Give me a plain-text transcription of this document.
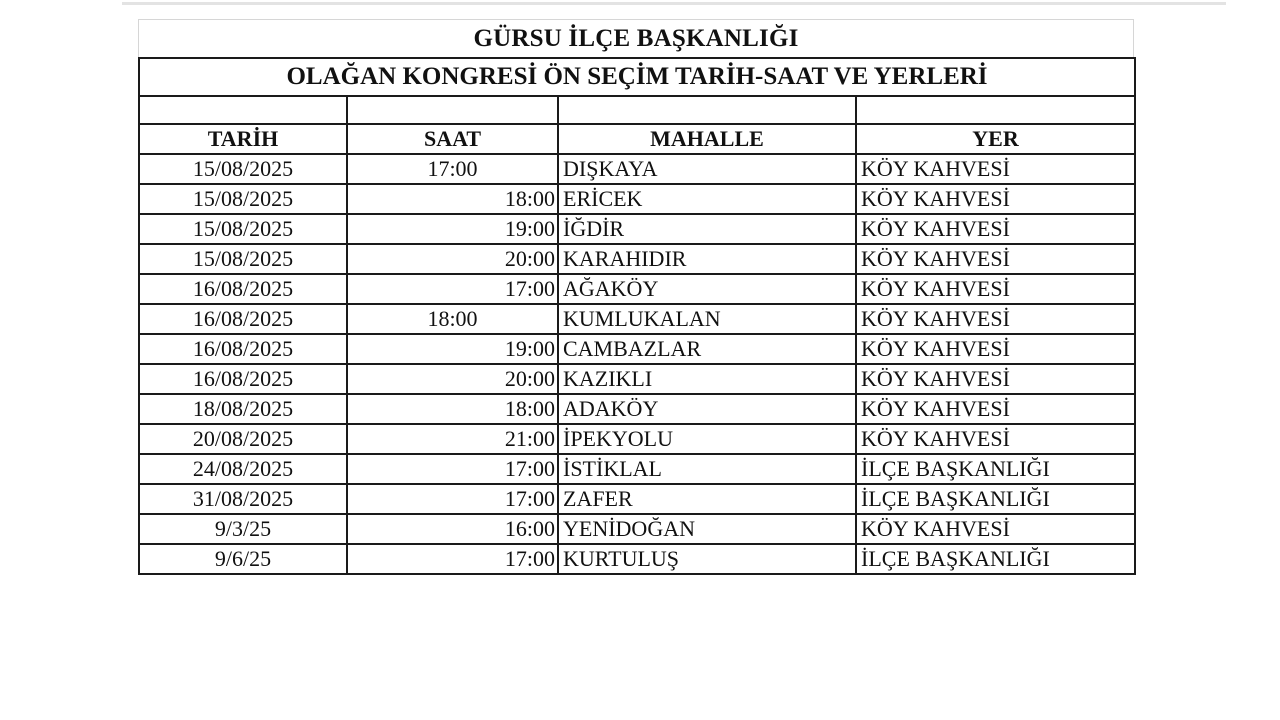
GÜRSU İLÇE BAŞKANLIĞI
OLAĞAN KONGRESİ ÖN SEÇİM TARİH-SAAT VE YERLERİ			

TARİH	SAAT	MAHALLE	YER
15/08/2025	17:00	DIŞKAYA	KÖY KAHVESİ
15/08/2025	18:00	ERİCEK	KÖY KAHVESİ
15/08/2025	19:00	İĞDİR	KÖY KAHVESİ
15/08/2025	20:00	KARAHIDIR	KÖY KAHVESİ
16/08/2025	17:00	AĞAKÖY	KÖY KAHVESİ
16/08/2025	18:00	KUMLUKALAN	KÖY KAHVESİ
16/08/2025	19:00	CAMBAZLAR	KÖY KAHVESİ
16/08/2025	20:00	KAZIKLI	KÖY KAHVESİ
18/08/2025	18:00	ADAKÖY	KÖY KAHVESİ
20/08/2025	21:00	İPEKYOLU	KÖY KAHVESİ
24/08/2025	17:00	İSTİKLAL	İLÇE BAŞKANLIĞI
31/08/2025	17:00	ZAFER	İLÇE BAŞKANLIĞI
9/3/25	16:00	YENİDOĞAN	KÖY KAHVESİ
9/6/25	17:00	KURTULUŞ	İLÇE BAŞKANLIĞI
